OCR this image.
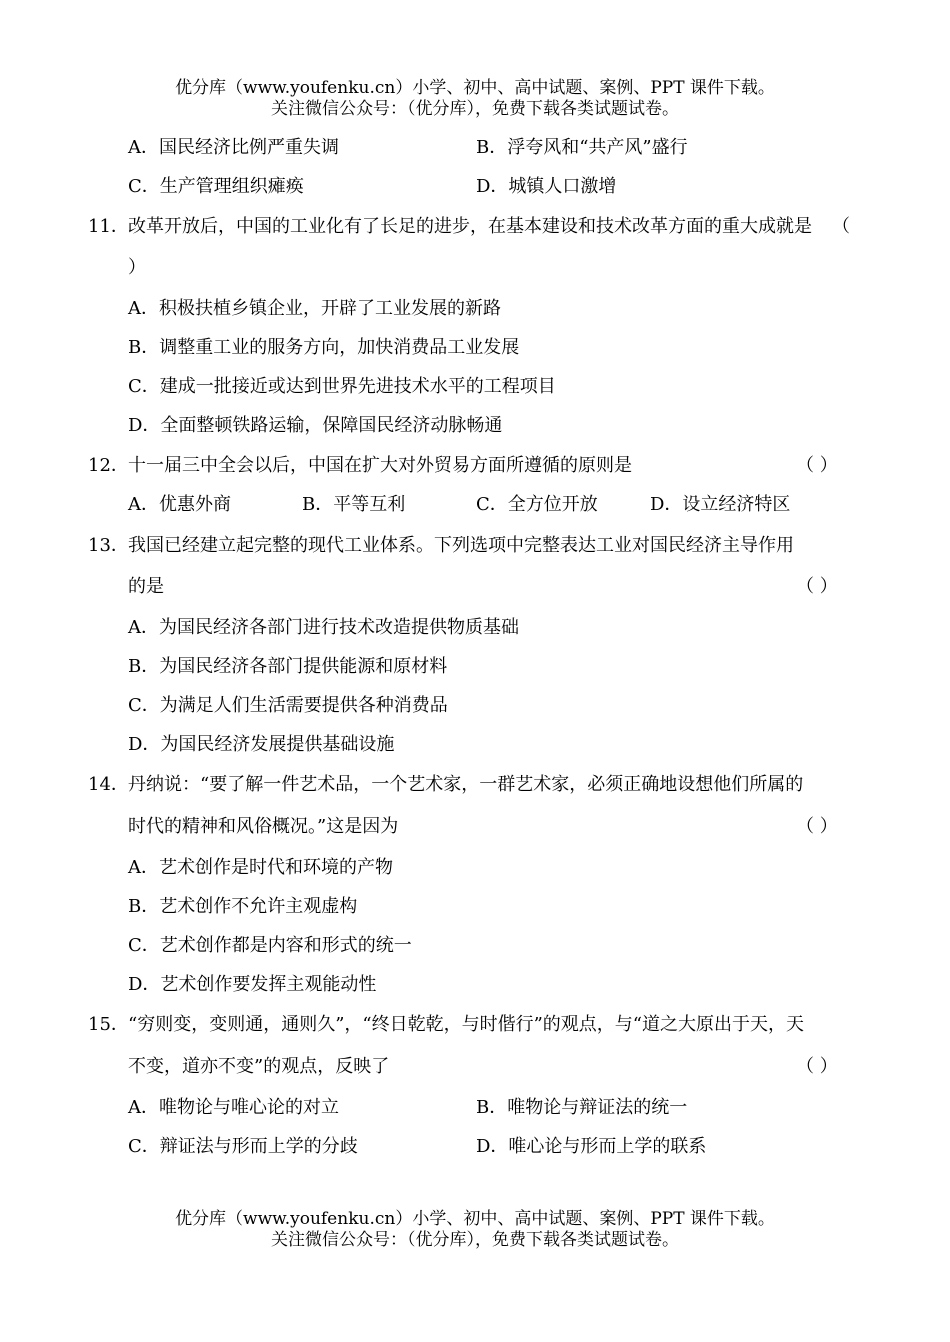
优分库（www.youfenku.cn）小学、初中、高中试题、案例、PPT 课件下载。
关注微信公众号：（优分库），免费下载各类试题试卷。
A．国民经济比例严重失调	B．浮夸风和“共产风”盛行
C．生产管理组织瘫痪	D．城镇人口激增
11． 改革开放后，中国的工业化有了长足的进步，在基本建设和技术改革方面的重大成就是 （
）
A．积极扶植乡镇企业，开辟了工业发展的新路
B．调整重工业的服务方向，加快消费品工业发展
C．建成一批接近或达到世界先进技术水平的工程项目
D．全面整顿铁路运输，保障国民经济动脉畅通
12． 十一届三中全会以后，中国在扩大对外贸易方面所遵循的原则是	（ ）
A．优惠外商	B．平等互利	C．全方位开放	D．设立经济特区
13． 我国已经建立起完整的现代工业体系。下列选项中完整表达工业对国民经济主导作用
的是	（ ）
A．为国民经济各部门进行技术改造提供物质基础
B．为国民经济各部门提供能源和原材料
C．为满足人们生活需要提供各种消费品
D．为国民经济发展提供基础设施
14． 丹纳说：“要了解一件艺术品，一个艺术家，一群艺术家，必须正确地设想他们所属的
时代的精神和风俗概况。”这是因为	（ ）
A．艺术创作是时代和环境的产物
B．艺术创作不允许主观虚构
C．艺术创作都是内容和形式的统一
D．艺术创作要发挥主观能动性
15． “穷则变，变则通，通则久”，“终日乾乾，与时偕行”的观点，与“道之大原出于天，天
不变，道亦不变”的观点，反映了	（ ）
A．唯物论与唯心论的对立	B．唯物论与辩证法的统一
C．辩证法与形而上学的分歧	D．唯心论与形而上学的联系
优分库（www.youfenku.cn）小学、初中、高中试题、案例、PPT 课件下载。
关注微信公众号：（优分库），免费下载各类试题试卷。
